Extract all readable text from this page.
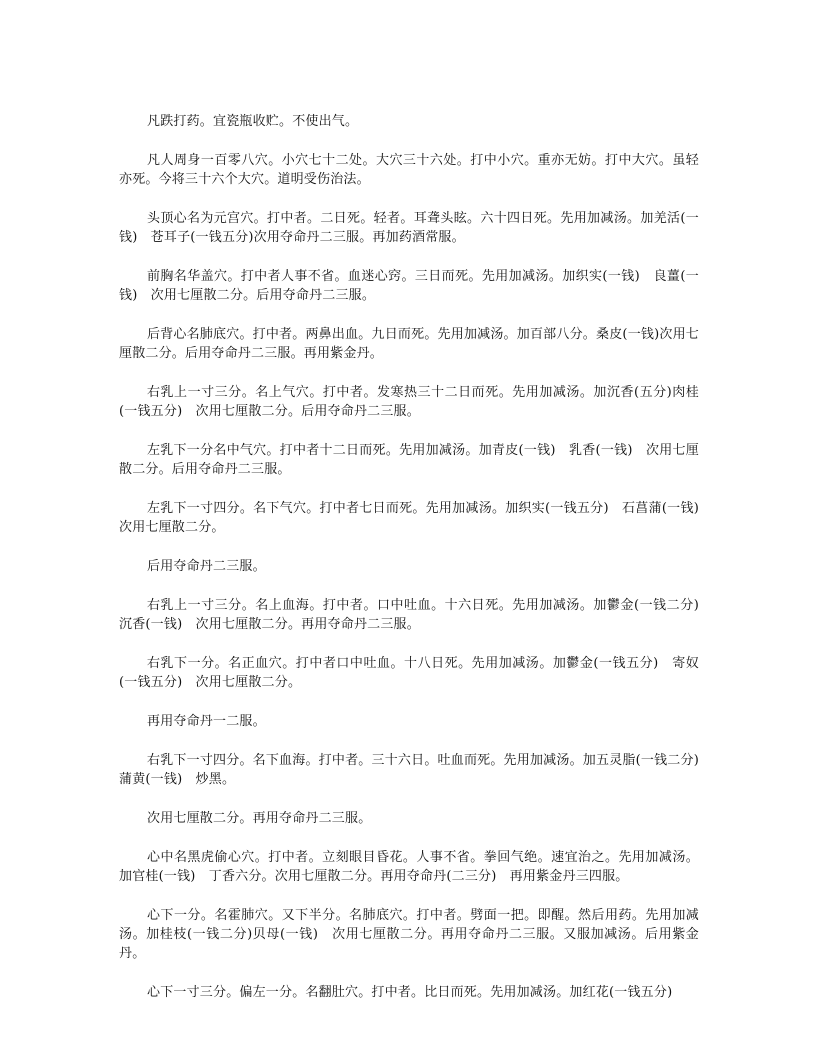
凡跌打药。宜瓷瓶收贮。不使出气。

凡人周身一百零八穴。小穴七十二处。大穴三十六处。打中小穴。重亦无妨。打中大穴。虽轻亦死。今将三十六个大穴。道明受伤治法。

头顶心名为元宫穴。打中者。二日死。轻者。耳聋头眩。六十四日死。先用加减汤。加羌活(一钱)　苍耳子(一钱五分)次用夺命丹二三服。再加药酒常服。

前胸名华盖穴。打中者人事不省。血迷心窍。三日而死。先用加减汤。加织实(一钱)　良薑(一钱)　次用七厘散二分。后用夺命丹二三服。

后背心名肺底穴。打中者。两鼻出血。九日而死。先用加减汤。加百部八分。桑皮(一钱)次用七厘散二分。后用夺命丹二三服。再用紫金丹。

右乳上一寸三分。名上气穴。打中者。发寒热三十二日而死。先用加减汤。加沉香(五分)肉桂(一钱五分)　次用七厘散二分。后用夺命丹二三服。

左乳下一分名中气穴。打中者十二日而死。先用加减汤。加青皮(一钱)　乳香(一钱)　次用七厘散二分。后用夺命丹二三服。

左乳下一寸四分。名下气穴。打中者七日而死。先用加减汤。加织实(一钱五分)　石菖蒲(一钱)　次用七厘散二分。

后用夺命丹二三服。

右乳上一寸三分。名上血海。打中者。口中吐血。十六日死。先用加减汤。加鬱金(一钱二分)　沉香(一钱)　次用七厘散二分。再用夺命丹二三服。

右乳下一分。名正血穴。打中者口中吐血。十八日死。先用加减汤。加鬱金(一钱五分)　寄奴(一钱五分)　次用七厘散二分。

再用夺命丹一二服。

右乳下一寸四分。名下血海。打中者。三十六日。吐血而死。先用加减汤。加五灵脂(一钱二分)　蒲黄(一钱)　炒黑。

次用七厘散二分。再用夺命丹二三服。

心中名黑虎偷心穴。打中者。立刻眼目昏花。人事不省。拳回气绝。速宜治之。先用加减汤。加官桂(一钱)　丁香六分。次用七厘散二分。再用夺命丹(二三分)　再用紫金丹三四服。

心下一分。名霍肺穴。又下半分。名肺底穴。打中者。劈面一把。即醒。然后用药。先用加减汤。加桂枝(一钱二分)贝母(一钱)　次用七厘散二分。再用夺命丹二三服。又服加减汤。后用紫金丹。

心下一寸三分。偏左一分。名翻肚穴。打中者。比日而死。先用加减汤。加红花(一钱五分)
